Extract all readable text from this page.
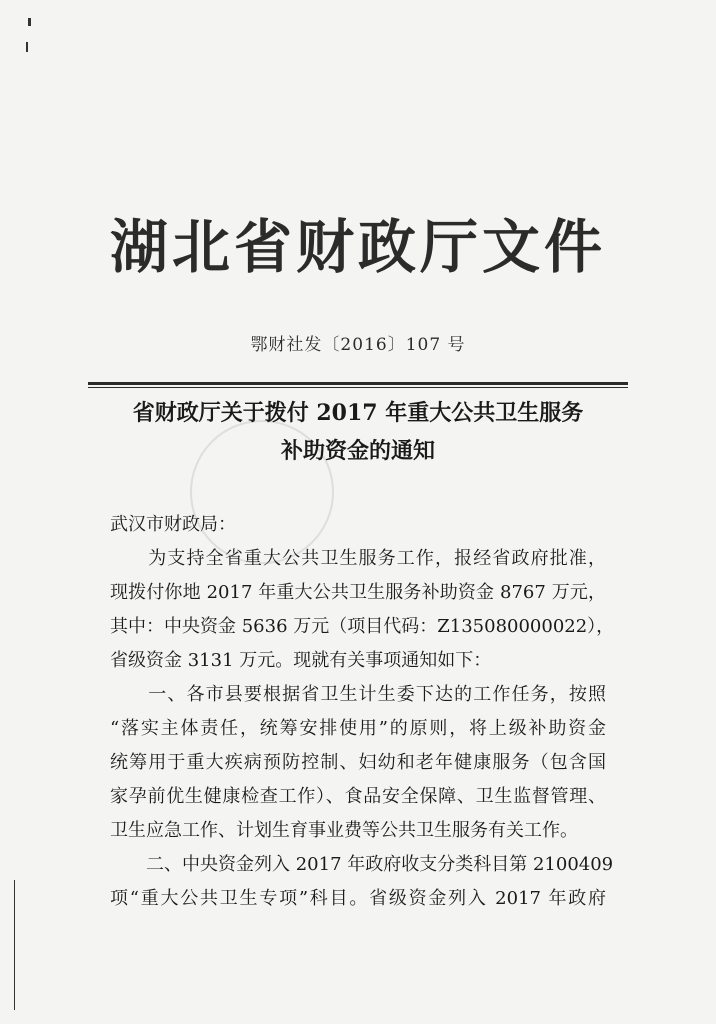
湖北省财政厅文件
鄂财社发〔2016〕107 号
省财政厅关于拨付 2017 年重大公共卫生服务
补助资金的通知
武汉市财政局：
　　为支持全省重大公共卫生服务工作，报经省政府批准，
现拨付你地 2017 年重大公共卫生服务补助资金 8767 万元，
其中：中央资金 5636 万元（项目代码：Z135080000022），
省级资金 3131 万元。现就有关事项通知如下：
　　一、各市县要根据省卫生计生委下达的工作任务，按照
“落实主体责任，统筹安排使用”的原则，将上级补助资金
统筹用于重大疾病预防控制、妇幼和老年健康服务（包含国
家孕前优生健康检查工作）、食品安全保障、卫生监督管理、
卫生应急工作、计划生育事业费等公共卫生服务有关工作。
　　二、中央资金列入 2017 年政府收支分类科目第 2100409
项“重大公共卫生专项”科目。省级资金列入 2017 年政府
